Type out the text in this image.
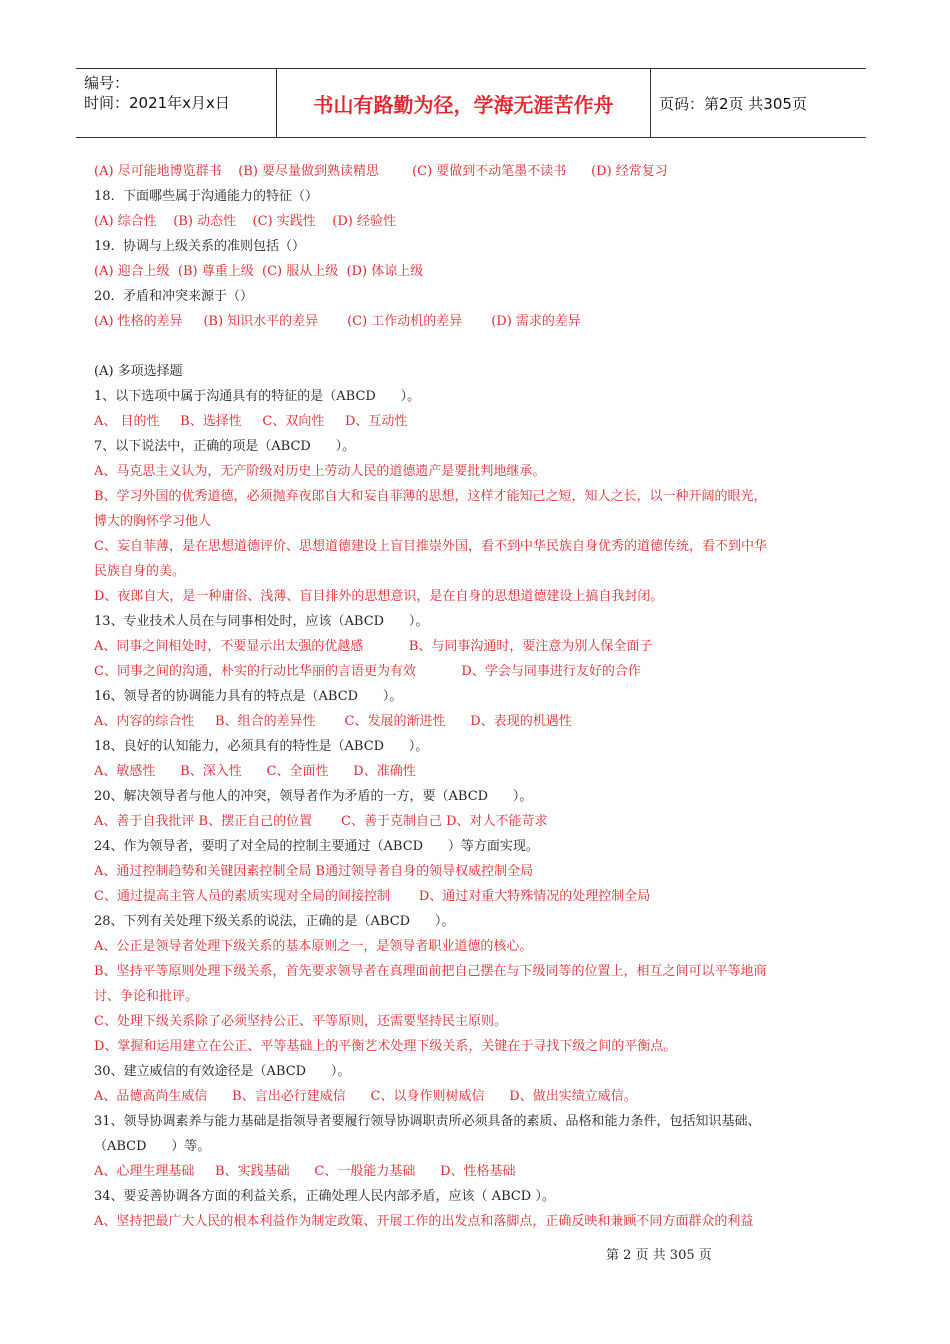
编号：
时间：2021年x月x日	书山有路勤为径，学海无涯苦作舟	页码：第2页 共305页
(A) 尽可能地博览群书    (B) 要尽量做到熟读精思        (C) 要做到不动笔墨不读书      (D) 经常复习
18.  下面哪些属于沟通能力的特征（）
(A) 综合性    (B) 动态性    (C) 实践性    (D) 经验性
19.  协调与上级关系的准则包括（）
(A) 迎合上级  (B) 尊重上级  (C) 服从上级  (D) 体谅上级
20.  矛盾和冲突来源于（）
(A) 性格的差异     (B) 知识水平的差异       (C) 工作动机的差异       (D) 需求的差异
(A) 多项选择题
1、以下选项中属于沟通具有的特征的是（ABCD      ）。
A、 目的性     B、选择性     C、双向性     D、互动性
7、以下说法中，正确的项是（ABCD      ）。
A、马克思主义认为，无产阶级对历史上劳动人民的道德遗产是要批判地继承。
B、学习外国的优秀道德，必须抛弃夜郎自大和妄自菲薄的思想，这样才能知己之短，知人之长，以一种开阔的眼光，
博大的胸怀学习他人
C、妄自菲薄，是在思想道德评价、思想道德建设上盲目推崇外国，看不到中华民族自身优秀的道德传统，看不到中华
民族自身的美。
D、夜郎自大，是一种庸俗、浅薄、盲目排外的思想意识，是在自身的思想道德建设上搞自我封闭。
13、专业技术人员在与同事相处时，应该（ABCD      ）。
A、同事之间相处时，不要显示出太强的优越感           B、与同事沟通时，要注意为别人保全面子
C、同事之间的沟通，朴实的行动比华丽的言语更为有效           D、学会与同事进行友好的合作
16、领导者的协调能力具有的特点是（ABCD      ）。
A、内容的综合性     B、组合的差异性       C、发展的渐进性      D、表现的机遇性
18、良好的认知能力，必须具有的特性是（ABCD      ）。
A、敏感性      B、深入性      C、全面性      D、准确性
20、解决领导者与他人的冲突，领导者作为矛盾的一方，要（ABCD      ）。
A、善于自我批评 B、摆正自己的位置       C、善于克制自己 D、对人不能苛求
24、作为领导者，要明了对全局的控制主要通过（ABCD      ）等方面实现。
A、通过控制趋势和关键因素控制全局 B通过领导者自身的领导权威控制全局
C、通过提高主管人员的素质实现对全局的间接控制       D、通过对重大特殊情况的处理控制全局
28、下列有关处理下级关系的说法，正确的是（ABCD      ）。
A、公正是领导者处理下级关系的基本原则之一，是领导者职业道德的核心。
B、坚持平等原则处理下级关系，首先要求领导者在真理面前把自己摆在与下级同等的位置上，相互之间可以平等地商
讨、争论和批评。
C、处理下级关系除了必须坚持公正、平等原则，还需要坚持民主原则。
D、掌握和运用建立在公正、平等基础上的平衡艺术处理下级关系，关键在于寻找下级之间的平衡点。
30、建立威信的有效途径是（ABCD      ）。
A、品德高尚生威信      B、言出必行建威信      C、以身作则树威信      D、做出实绩立威信。
31、领导协调素养与能力基础是指领导者要履行领导协调职责所必须具备的素质、品格和能力条件，包括知识基础、
（ABCD      ）等。
A、心理生理基础     B、实践基础      C、一般能力基础      D、性格基础
34、要妥善协调各方面的利益关系，正确处理人民内部矛盾，应该（ ABCD ）。
A、坚持把最广大人民的根本利益作为制定政策、开展工作的出发点和落脚点，正确反映和兼顾不同方面群众的利益
第 2 页 共 305 页
